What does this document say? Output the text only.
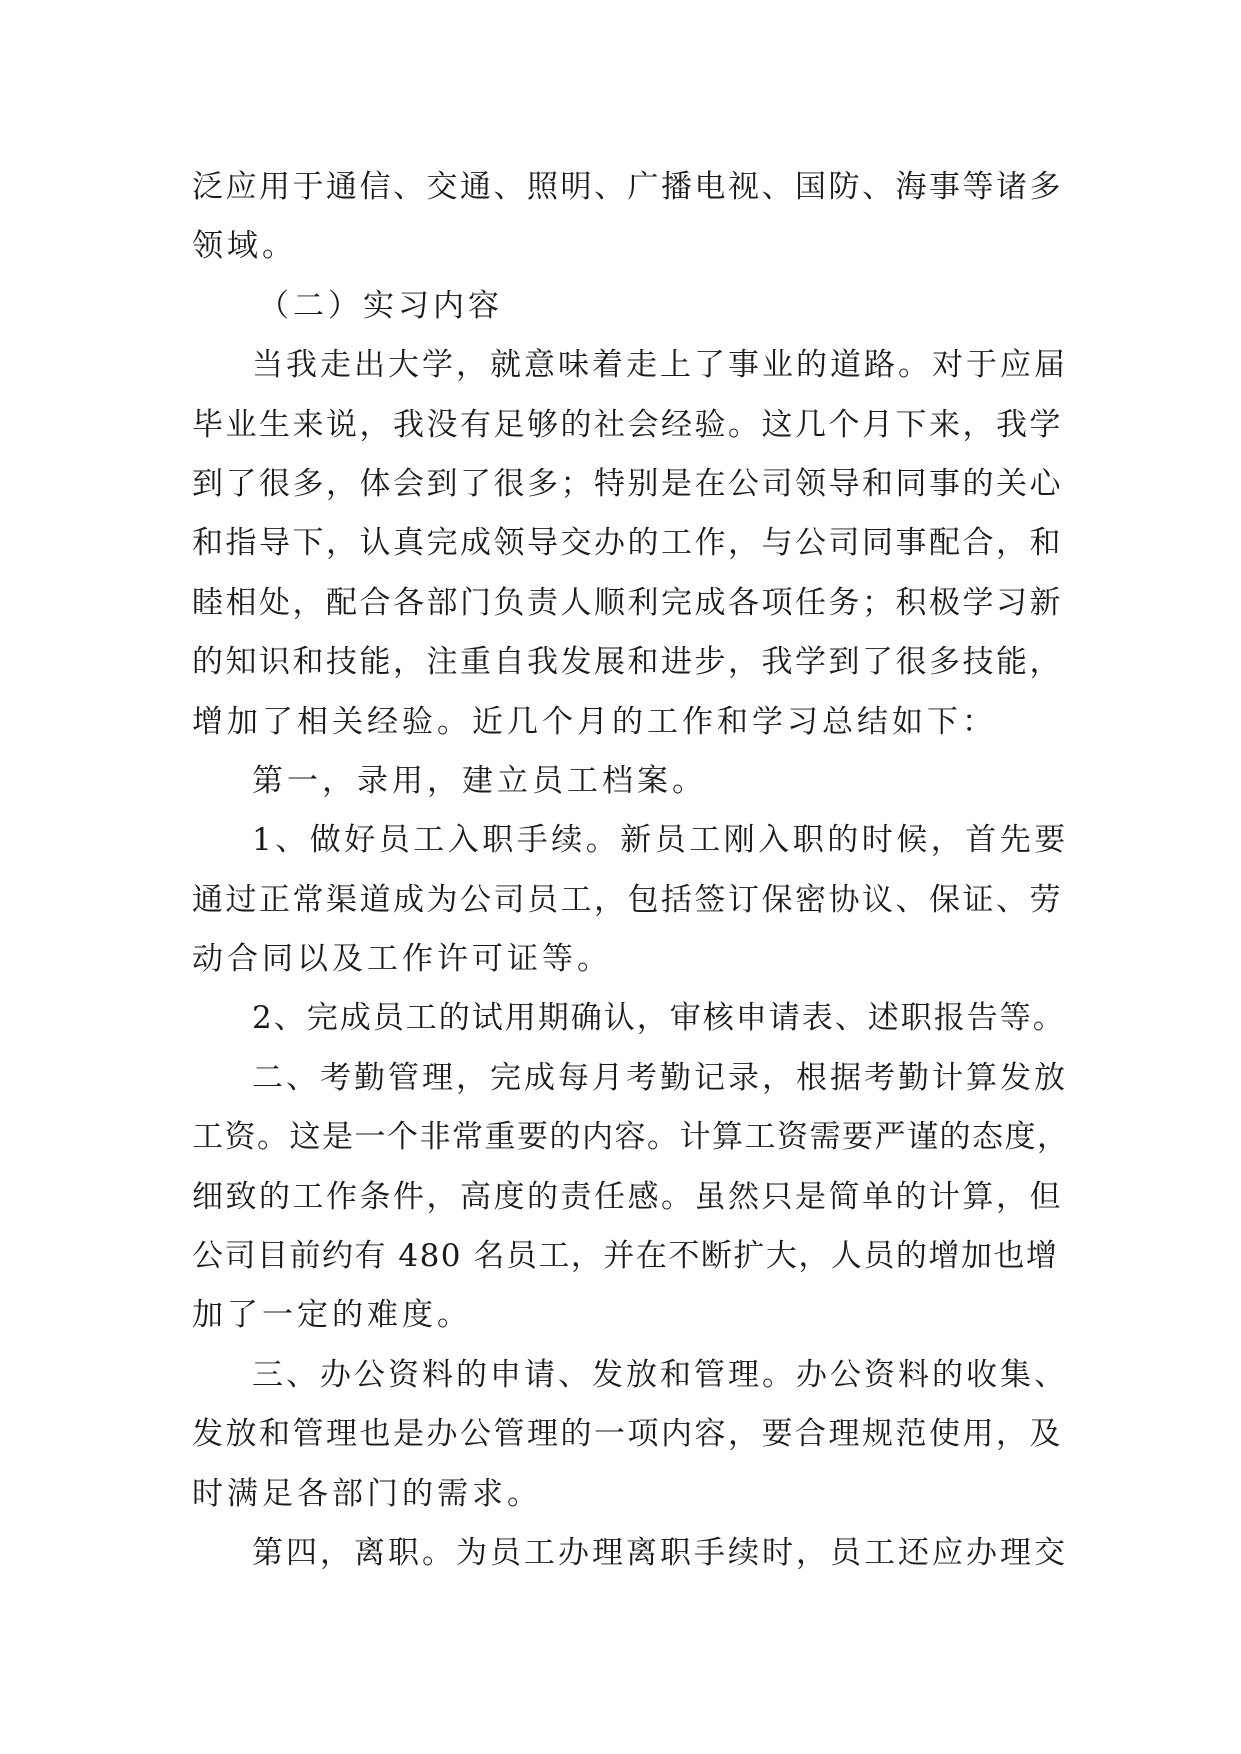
泛应用于通信、交通、照明、广播电视、国防、海事等诸多
领域。
（二）实习内容
当我走出大学，就意味着走上了事业的道路。对于应届
毕业生来说，我没有足够的社会经验。这几个月下来，我学
到了很多，体会到了很多；特别是在公司领导和同事的关心
和指导下，认真完成领导交办的工作，与公司同事配合，和
睦相处，配合各部门负责人顺利完成各项任务；积极学习新
的知识和技能，注重自我发展和进步，我学到了很多技能，
增加了相关经验。近几个月的工作和学习总结如下：
第一，录用，建立员工档案。
1、做好员工入职手续。新员工刚入职的时候，首先要
通过正常渠道成为公司员工，包括签订保密协议、保证、劳
动合同以及工作许可证等。
2、完成员工的试用期确认，审核申请表、述职报告等。
二、考勤管理，完成每月考勤记录，根据考勤计算发放
工资。这是一个非常重要的内容。计算工资需要严谨的态度，
细致的工作条件，高度的责任感。虽然只是简单的计算，但
公司目前约有 480 名员工，并在不断扩大，人员的增加也增
加了一定的难度。
三、办公资料的申请、发放和管理。办公资料的收集、
发放和管理也是办公管理的一项内容，要合理规范使用，及
时满足各部门的需求。
第四，离职。为员工办理离职手续时，员工还应办理交
